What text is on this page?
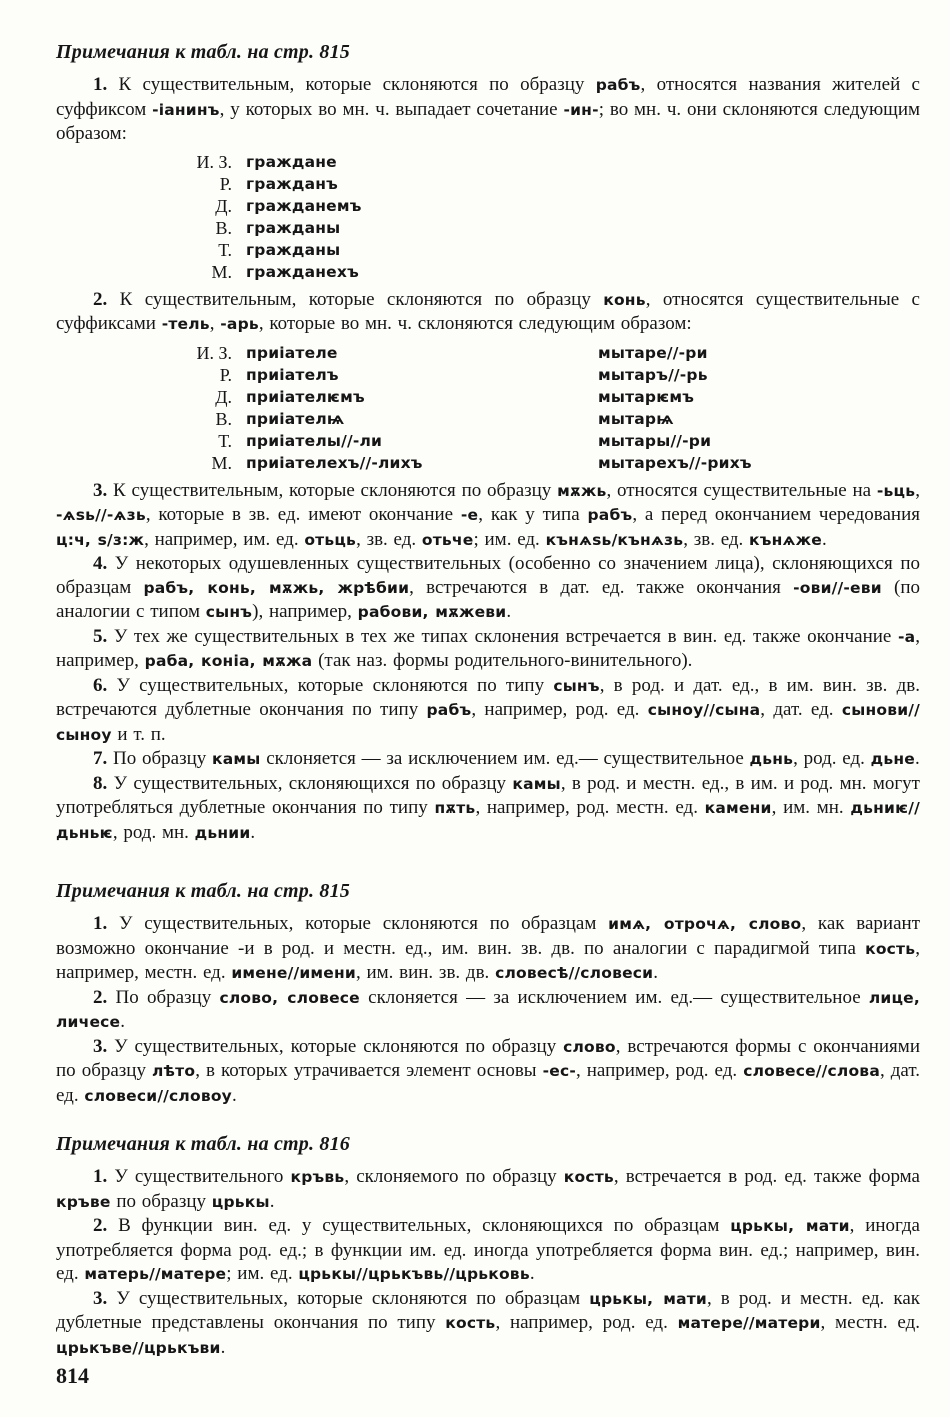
Примечания к табл. на стр. 815

1. К существительным, которые склоняются по образцу рабъ, относятся названия жителей с суффиксом -іанинъ, у которых во мн. ч. выпадает сочетание -ин-; во мн. ч. они склоняются следующим образом:

И. З. граждане
Р. гражданъ
Д. гражданемъ
В. гражданы
Т. гражданы
М. гражданехъ

2. К существительным, которые склоняются по образцу конь, относятся существительные с суффиксами -тель, -арь, которые во мн. ч. склоняются следующим образом:

И. З. приіателе	мытаре//-ри
Р. приіателъ	мытаръ//-рь
Д. приіателѥмъ	мытарѥмъ
В. приіателѩ	мытарѩ
Т. приіателы//-ли	мытары//-ри
М. приіателехъ//-лихъ	мытарехъ//-рихъ

3. К существительным, которые склоняются по образцу мѫжь, относятся существительные на -ьць, -ѧѕь//-ѧзь, которые в зв. ед. имеют окончание -е, как у типа рабъ, а перед окончанием чередования ц:ч, ѕ/з:ж, например, им. ед. отьць, зв. ед. отьче; им. ед. кънѧѕь/кънѧзь, зв. ед. кънѧже.

4. У некоторых одушевленных существительных (особенно со значением лица), склоняющихся по образцам рабъ, конь, мѫжь, жрѣбии, встречаются в дат. ед. также окончания -ови//-еви (по аналогии с типом сынъ), например, рабови, мѫжеви.

5. У тех же существительных в тех же типах склонения встречается в вин. ед. также окончание -а, например, раба, коніа, мѫжа (так наз. формы родительного-винительного).

6. У существительных, которые склоняются по типу сынъ, в род. и дат. ед., в им. вин. зв. дв. встречаются дублетные окончания по типу рабъ, например, род. ед. сыноу//сына, дат. ед. сынови//сыноу и т. п.

7. По образцу камы склоняется — за исключением им. ед.— существительное дьнь, род. ед. дьне.

8. У существительных, склоняющихся по образцу камы, в род. и местн. ед., в им. и род. мн. могут употребляться дублетные окончания по типу пѫть, например, род. местн. ед. камени, им. мн. дьниѥ//дьньѥ, род. мн. дьнии.

Примечания к табл. на стр. 815

1. У существительных, которые склоняются по образцам имѧ, отрочѧ, слово, как вариант возможно окончание -и в род. и местн. ед., им. вин. зв. дв. по аналогии с парадигмой типа кость, например, местн. ед. имене//имени, им. вин. зв. дв. словесѣ//словеси.

2. По образцу слово, словесе склоняется — за исключением им. ед.— существительное лице, личесе.

3. У существительных, которые склоняются по образцу слово, встречаются формы с окончаниями по образцу лѣто, в которых утрачивается элемент основы -ес-, например, род. ед. словесе//слова, дат. ед. словеси//словоу.

Примечания к табл. на стр. 816

1. У существительного кръвь, склоняемого по образцу кость, встречается в род. ед. также форма кръве по образцу црькы.

2. В функции вин. ед. у существительных, склоняющихся по образцам црькы, мати, иногда употребляется форма род. ед.; в функции им. ед. иногда употребляется форма вин. ед.; например, вин. ед. матерь//матере; им. ед. црькы//црькъвь//црьковь.

3. У существительных, которые склоняются по образцам црькы, мати, в род. и местн. ед. как дублетные представлены окончания по типу кость, например, род. ед. матере//матери, местн. ед. црькъве//црькъви.

814
